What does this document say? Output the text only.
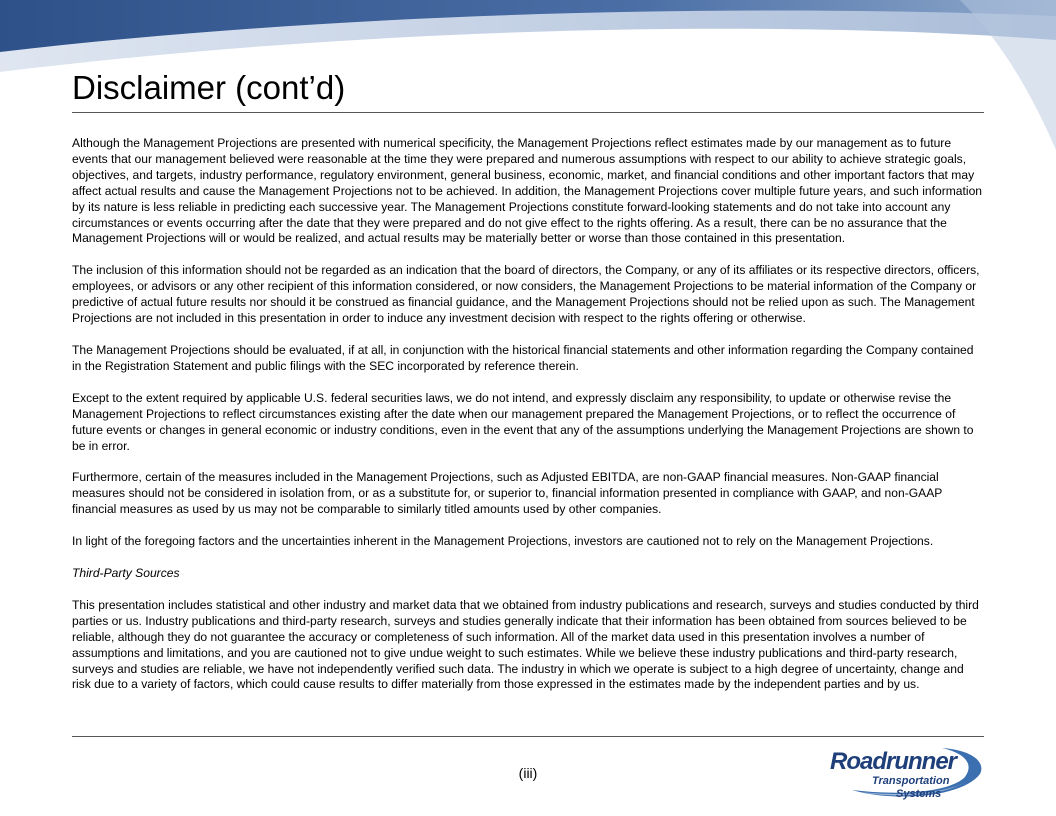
Disclaimer (cont’d)

Although the Management Projections are presented with numerical specificity, the Management Projections reflect estimates made by our management as to future events that our management believed were reasonable at the time they were prepared and numerous assumptions with respect to our ability to achieve strategic goals, objectives, and targets, industry performance, regulatory environment, general business, economic, market, and financial conditions and other important factors that may affect actual results and cause the Management Projections not to be achieved. In addition, the Management Projections cover multiple future years, and such information by its nature is less reliable in predicting each successive year. The Management Projections constitute forward-looking statements and do not take into account any circumstances or events occurring after the date that they were prepared and do not give effect to the rights offering. As a result, there can be no assurance that the Management Projections will or would be realized, and actual results may be materially better or worse than those contained in this presentation.

The inclusion of this information should not be regarded as an indication that the board of directors, the Company, or any of its affiliates or its respective directors, officers, employees, or advisors or any other recipient of this information considered, or now considers, the Management Projections to be material information of the Company or predictive of actual future results nor should it be construed as financial guidance, and the Management Projections should not be relied upon as such. The Management Projections are not included in this presentation in order to induce any investment decision with respect to the rights offering or otherwise.

The Management Projections should be evaluated, if at all, in conjunction with the historical financial statements and other information regarding the Company contained in the Registration Statement and public filings with the SEC incorporated by reference therein.

Except to the extent required by applicable U.S. federal securities laws, we do not intend, and expressly disclaim any responsibility, to update or otherwise revise the Management Projections to reflect circumstances existing after the date when our management prepared the Management Projections, or to reflect the occurrence of future events or changes in general economic or industry conditions, even in the event that any of the assumptions underlying the Management Projections are shown to be in error.

Furthermore, certain of the measures included in the Management Projections, such as Adjusted EBITDA, are non-GAAP financial measures. Non-GAAP financial measures should not be considered in isolation from, or as a substitute for, or superior to, financial information presented in compliance with GAAP, and non-GAAP financial measures as used by us may not be comparable to similarly titled amounts used by other companies.

In light of the foregoing factors and the uncertainties inherent in the Management Projections, investors are cautioned not to rely on the Management Projections.

Third-Party Sources

This presentation includes statistical and other industry and market data that we obtained from industry publications and research, surveys and studies conducted by third parties or us. Industry publications and third-party research, surveys and studies generally indicate that their information has been obtained from sources believed to be reliable, although they do not guarantee the accuracy or completeness of such information. All of the market data used in this presentation involves a number of assumptions and limitations, and you are cautioned not to give undue weight to such estimates. While we believe these industry publications and third-party research, surveys and studies are reliable, we have not independently verified such data. The industry in which we operate is subject to a high degree of uncertainty, change and risk due to a variety of factors, which could cause results to differ materially from those expressed in the estimates made by the independent parties and by us.

(iii)	Roadrunner
Transportation
Systems
